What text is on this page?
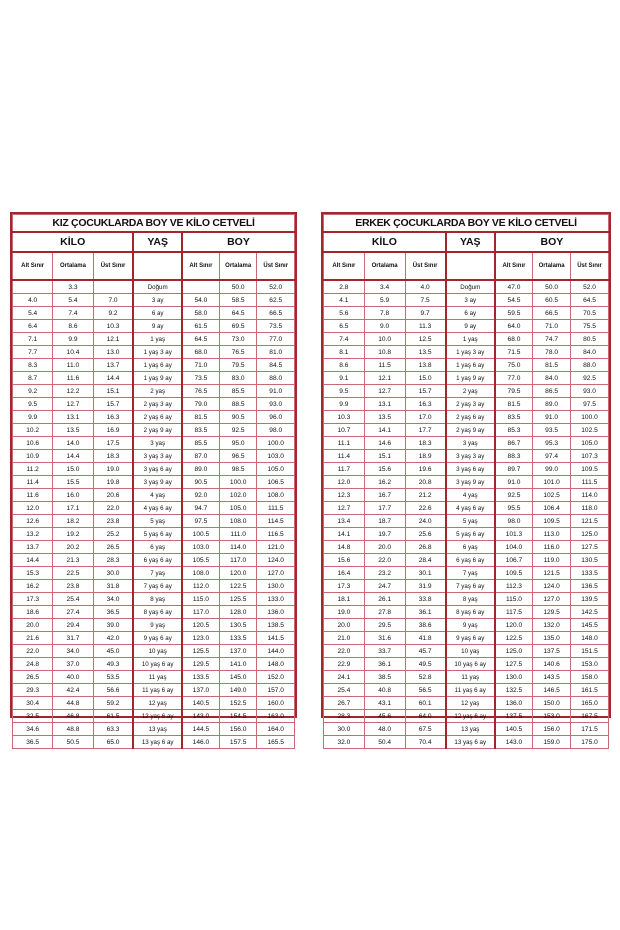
KIZ ÇOCUKLARDA BOY VE KİLO CETVELİ						
KİLO			YAŞ	BOY		
Alt Sınır	Ortalama	Üst Sınır		Alt Sınır	Ortalama	Üst Sınır
	3.3		Doğum		50.0	52.0
4.0	5.4	7.0	3 ay	54.0	58.5	62.5
5.4	7.4	9.2	6 ay	58.0	64.5	66.5
6.4	8.6	10.3	9 ay	61.5	69.5	73.5
7.1	9.9	12.1	1 yaş	64.5	73.0	77.0
7.7	10.4	13.0	1 yaş 3 ay	68.0	76.5	81.0
8.3	11.0	13.7	1 yaş 6 ay	71.0	79.5	84.5
8.7	11.6	14.4	1 yaş 9 ay	73.5	83.0	88.0
9.2	12.2	15.1	2 yaş	76.5	85.5	91.0
9.5	12.7	15.7	2 yaş 3 ay	79.0	88.5	93.0
9.9	13.1	16.3	2 yaş 6 ay	81.5	90.5	96.0
10.2	13.5	16.9	2 yaş 9 ay	83.5	92.5	98.0
10.6	14.0	17.5	3 yaş	85.5	95.0	100.0
10.9	14.4	18.3	3 yaş 3 ay	87.0	96.5	103.0
11.2	15.0	19.0	3 yaş 6 ay	89.0	98.5	105.0
11.4	15.5	19.8	3 yaş 9 ay	90.5	100.0	106.5
11.6	16.0	20.6	4 yaş	92.0	102.0	108.0
12.0	17.1	22.0	4 yaş 6 ay	94.7	105.0	111.5
12.6	18.2	23.8	5 yaş	97.5	108.0	114.5
13.2	19.2	25.2	5 yaş 6 ay	100.5	111.0	116.5
13.7	20.2	26.5	6 yaş	103.0	114.0	121.0
14.4	21.3	28.3	6 yaş 6 ay	105.5	117.0	124.0
15.3	22.5	30.0	7 yaş	108.0	120.0	127.0
16.2	23.8	31.8	7 yaş 6 ay	112.0	122.5	130.0
17.3	25.4	34.0	8 yaş	115.0	125.5	133.0
18.6	27.4	36.5	8 yaş 6 ay	117.0	128.0	136.0
20.0	29.4	39.0	9 yaş	120.5	130.5	138.5
21.6	31.7	42.0	9 yaş 6 ay	123.0	133.5	141.5
22.0	34.0	45.0	10 yaş	125.5	137.0	144.0
24.8	37.0	49.3	10 yaş 6 ay	129.5	141.0	148.0
26.5	40.0	53.5	11 yaş	133.5	145.0	152.0
29.3	42.4	56.6	11 yaş 6 ay	137.0	149.0	157.0
30.4	44.8	59.2	12 yaş	140.5	152.5	160.0
32.5	46.8	61.5	12 yaş 6 ay	143.0	154.5	163.0
34.6	48.8	63.3	13 yaş	144.5	156.0	164.0
36.5	50.5	65.0	13 yaş 6 ay	146.0	157.5	165.5
ERKEK ÇOCUKLARDA BOY VE KİLO CETVELİ						
KİLO			YAŞ	BOY		
Alt Sınır	Ortalama	Üst Sınır		Alt Sınır	Ortalama	Üst Sınır
2.8	3.4	4.0	Doğum	47.0	50.0	52.0
4.1	5.9	7.5	3 ay	54.5	60.5	64.5
5.6	7.8	9.7	6 ay	59.5	66.5	70.5
6.5	9.0	11.3	9 ay	64.0	71.0	75.5
7.4	10.0	12.5	1 yaş	68.0	74.7	80.5
8.1	10.8	13.5	1 yaş 3 ay	71.5	78.0	84.0
8.6	11.5	13.8	1 yaş 6 ay	75.0	81.5	88.0
9.1	12.1	15.0	1 yaş 9 ay	77.0	84.0	92.5
9.5	12.7	15.7	2 yaş	79.5	86.5	93.0
9.9	13.1	16.3	2 yaş 3 ay	81.5	89.0	97.5
10.3	13.5	17.0	2 yaş 6 ay	83.5	91.0	100.0
10.7	14.1	17.7	2 yaş 9 ay	85.3	93.5	102.5
11.1	14.6	18.3	3 yaş	86.7	95.3	105.0
11.4	15.1	18.9	3 yaş 3 ay	88.3	97.4	107.3
11.7	15.6	19.6	3 yaş 6 ay	89.7	99.0	109.5
12.0	16.2	20.8	3 yaş 9 ay	91.0	101.0	111.5
12.3	16.7	21.2	4 yaş	92.5	102.5	114.0
12.7	17.7	22.6	4 yaş 6 ay	95.5	106.4	118.0
13.4	18.7	24.0	5 yaş	98.0	109.5	121.5
14.1	19.7	25.6	5 yaş 6 ay	101.3	113.0	125.0
14.8	20.0	26.8	6 yaş	104.0	116.0	127.5
15.6	22.0	28.4	6 yaş 6 ay	106.7	119.0	130.5
16.4	23.2	30.1	7 yaş	109.5	121.5	133.5
17.3	24.7	31.9	7 yaş 6 ay	112.3	124.0	136.5
18.1	26.1	33.8	8 yaş	115.0	127.0	139.5
19.0	27.8	36.1	8 yaş 6 ay	117.5	129.5	142.5
20.0	29.5	38.6	9 yaş	120.0	132.0	145.5
21.0	31.6	41.8	9 yaş 6 ay	122.5	135.0	148.0
22.0	33.7	45.7	10 yaş	125.0	137.5	151.5
22.9	36.1	49.5	10 yaş 6 ay	127.5	140.6	153.0
24.1	38.5	52.8	11 yaş	130.0	143.5	158.0
25.4	40.8	56.5	11 yaş 6 ay	132.5	146.5	161.5
26.7	43.1	60.1	12 yaş	136.0	150.0	165.0
28.3	45.6	64.0	12 yaş 6 ay	137.5	153.0	167.5
30.0	48.0	67.5	13 yaş	140.5	156.0	171.5
32.0	50.4	70.4	13 yaş 6 ay	143.0	159.0	175.0
